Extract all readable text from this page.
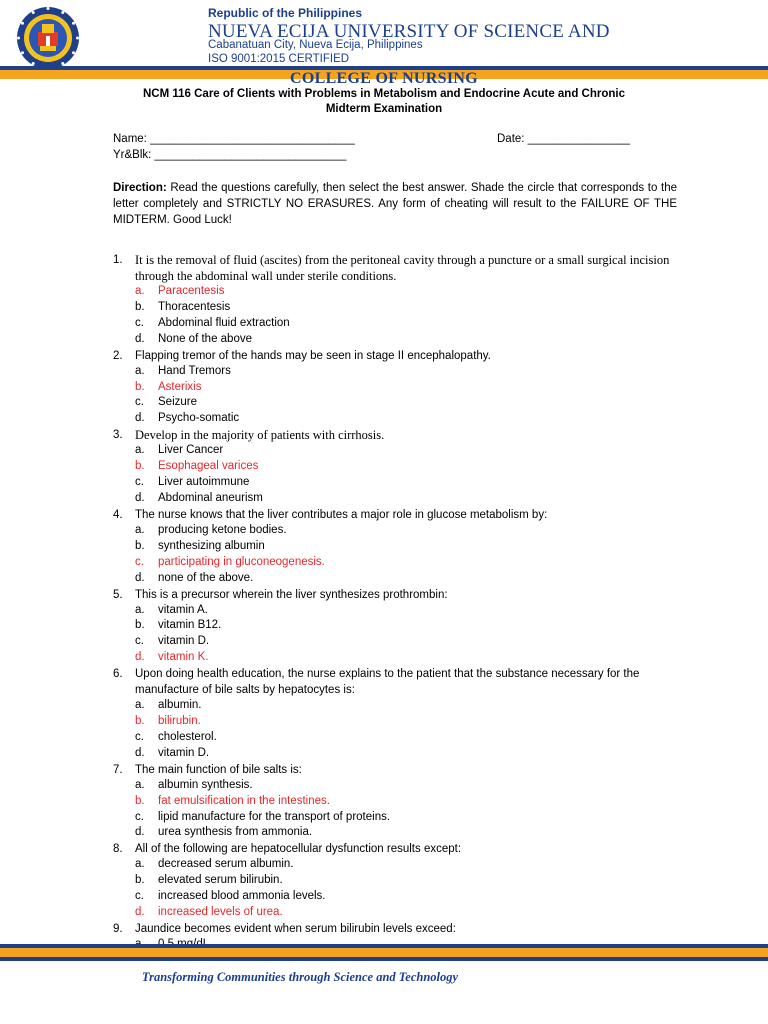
Republic of the Philippines
NUEVA ECIJA UNIVERSITY OF SCIENCE AND
Cabanatuan City, Nueva Ecija, Philippines
ISO 9001:2015 CERTIFIED
COLLEGE OF NURSING
NCM 116 Care of Clients with Problems in Metabolism and Endocrine Acute and Chronic
Midterm Examination
Name: ________________________________	Date: ________________
Yr&Blk: ______________________________
Direction: Read the questions carefully, then select the best answer. Shade the circle that corresponds to the letter completely and STRICTLY NO ERASURES. Any form of cheating will result to the FAILURE OF THE MIDTERM. Good Luck!
1. It is the removal of fluid (ascites) from the peritoneal cavity through a puncture or a small surgical incision through the abdominal wall under sterile conditions.
a.	Paracentesis
b.	Thoracentesis
c.	Abdominal fluid extraction
d.	None of the above
2.	Flapping tremor of the hands may be seen in stage II encephalopathy.
a.	Hand Tremors
b.	Asterixis
c.	Seizure
d.	Psycho-somatic
3. Develop in the majority of patients with cirrhosis.
a.	Liver Cancer
b.	Esophageal varices
c.	Liver autoimmune
d.	Abdominal aneurism
4.	The nurse knows that the liver contributes a major role in glucose metabolism by:
a.	producing ketone bodies.
b.	synthesizing albumin
c.	participating in gluconeogenesis.
d.	none of the above.
5.	This is a precursor wherein the liver synthesizes prothrombin:
a.	vitamin A.
b.	vitamin B12.
c.	vitamin D.
d.	vitamin K.
6.	Upon doing health education, the nurse explains to the patient that the substance necessary for the manufacture of bile salts by hepatocytes is:
a.	albumin.
b.	bilirubin.
c.	cholesterol.
d.	vitamin D.
7.	The main function of bile salts is:
a.	albumin synthesis.
b.	fat emulsification in the intestines.
c.	lipid manufacture for the transport of proteins.
d.	urea synthesis from ammonia.
8.	All of the following are hepatocellular dysfunction results except:
a.	decreased serum albumin.
b.	elevated serum bilirubin.
c.	increased blood ammonia levels.
d.	increased levels of urea.
9.	Jaundice becomes evident when serum bilirubin levels exceed:
Transforming Communities through Science and Technology
